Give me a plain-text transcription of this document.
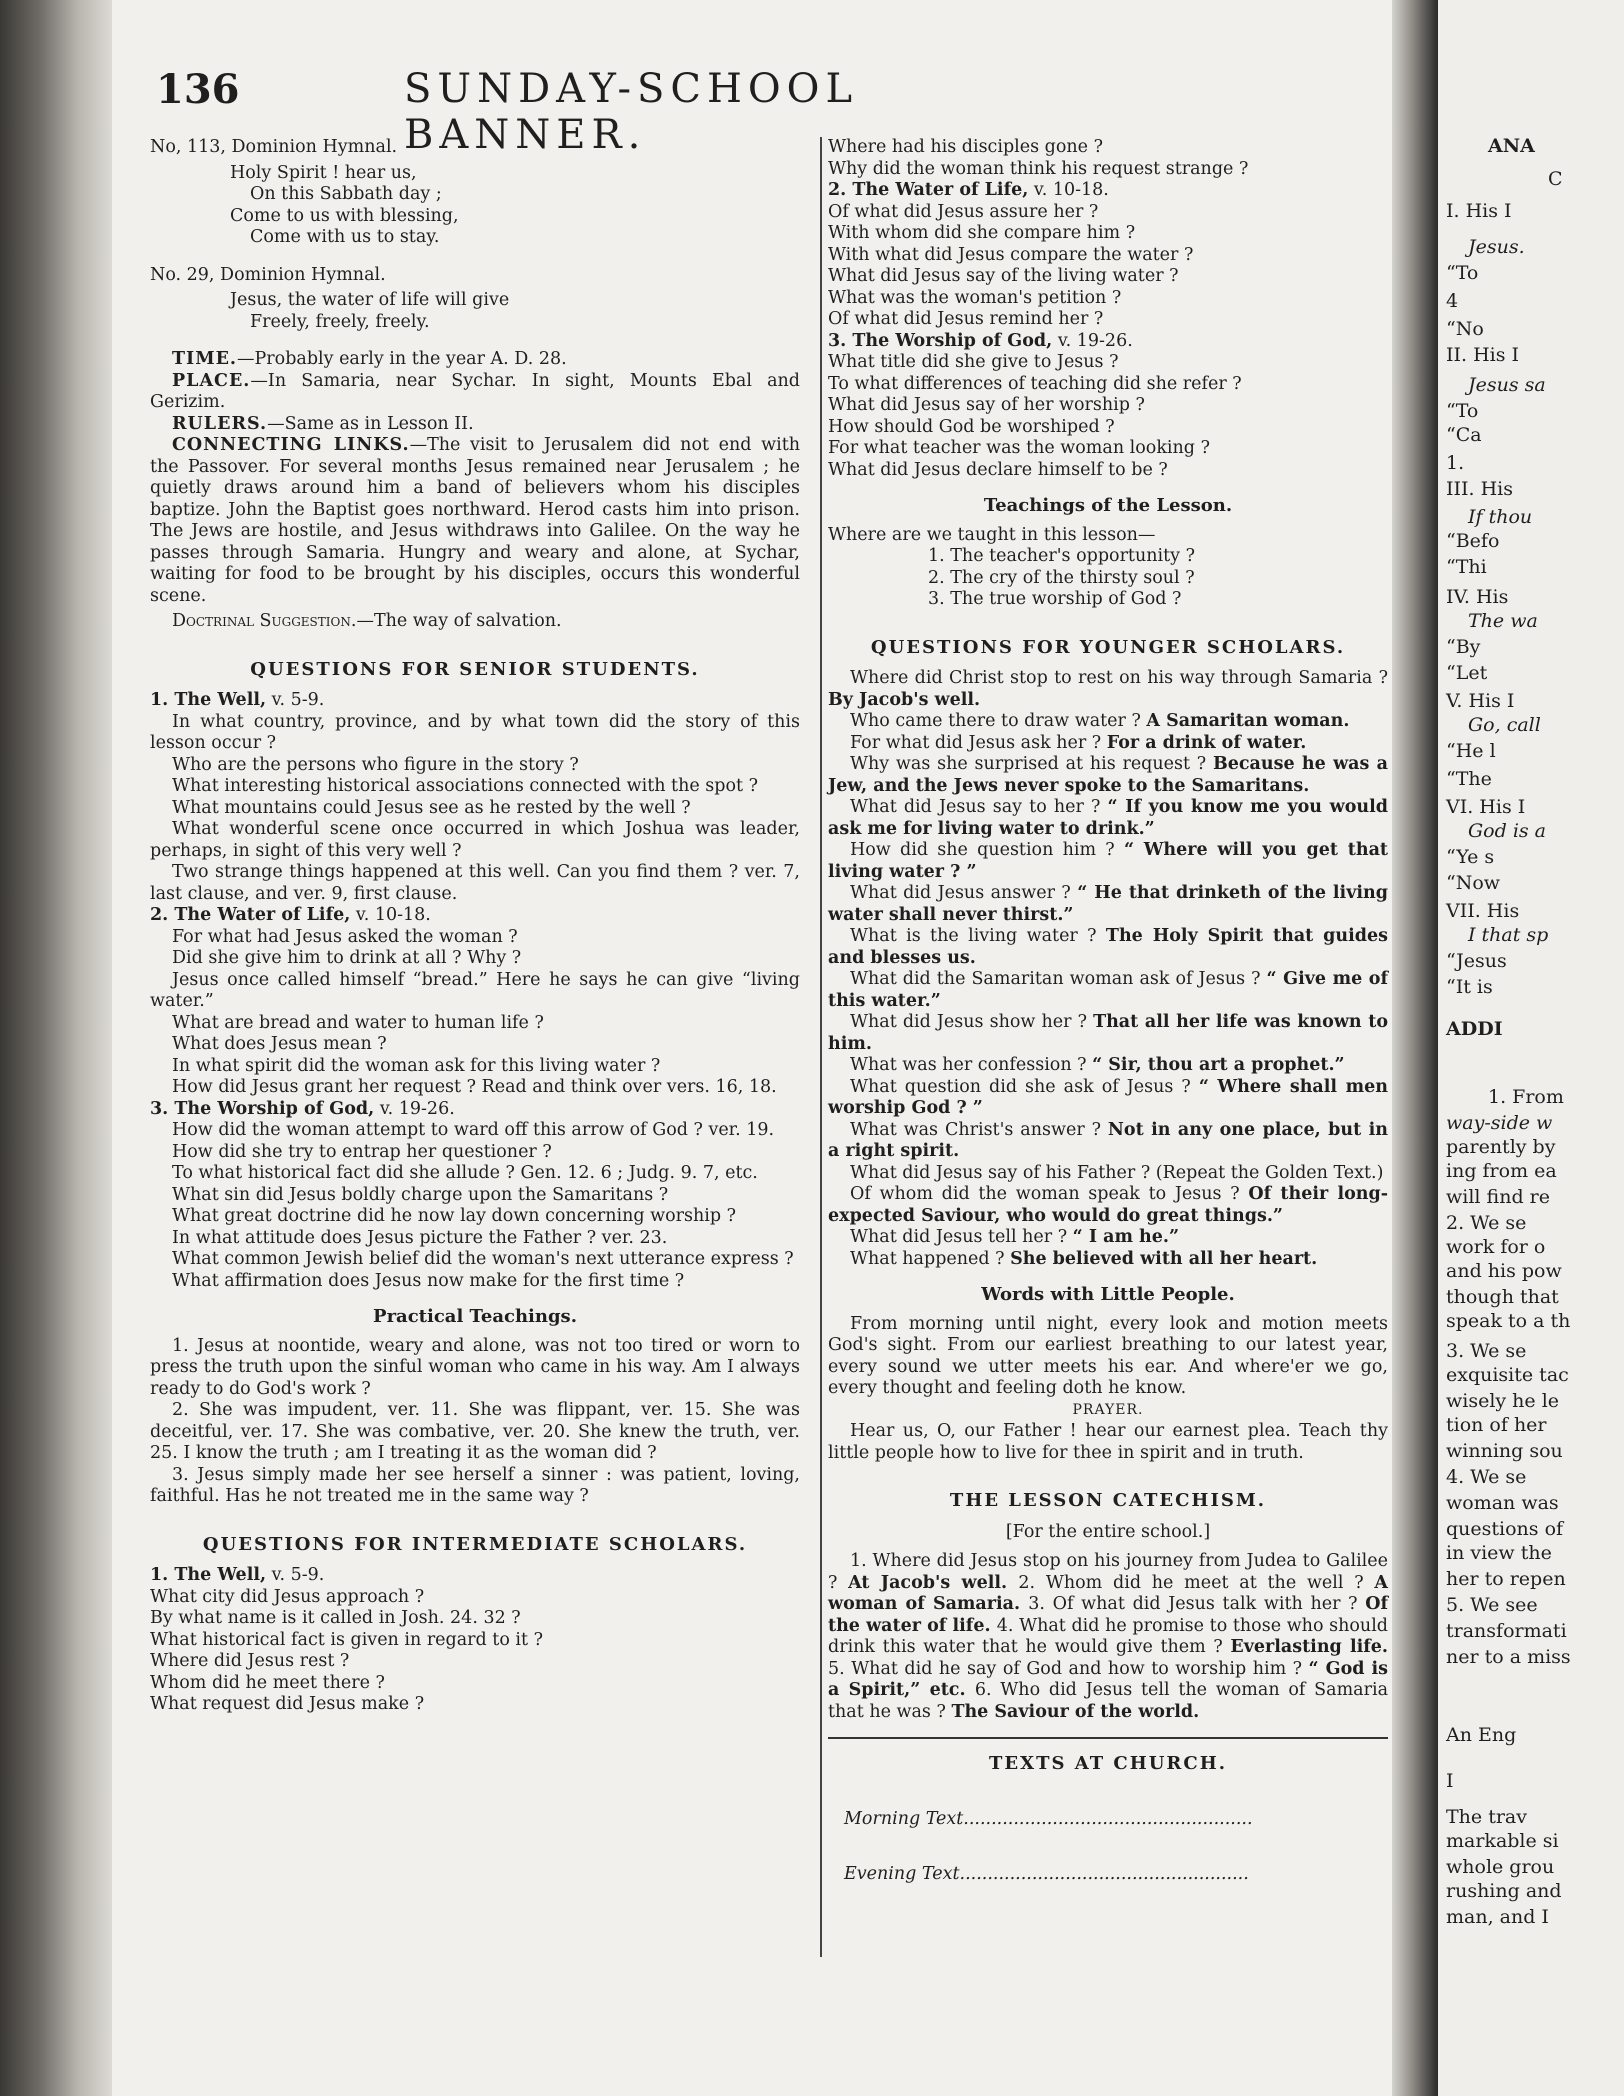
136	SUNDAY-SCHOOL BANNER.

No, 113, Dominion Hymnal.

Holy Spirit ! hear us,
On this Sabbath day ;
Come to us with blessing,
Come with us to stay.

No. 29, Dominion Hymnal.

Jesus, the water of life will give
Freely, freely, freely.

TIME.—Probably early in the year A. D. 28.

PLACE.—In Samaria, near Sychar. In sight, Mounts Ebal and Gerizim.

RULERS.—Same as in Lesson II.

CONNECTING LINKS.—The visit to Jerusalem did not end with the Passover. For several months Jesus remained near Jerusalem ; he quietly draws around him a band of believers whom his disciples baptize. John the Baptist goes northward. Herod casts him into prison. The Jews are hostile, and Jesus withdraws into Galilee. On the way he passes through Samaria. Hungry and weary and alone, at Sychar, waiting for food to be brought by his disciples, occurs this wonderful scene.

Doctrinal Suggestion.—The way of salvation.

QUESTIONS FOR SENIOR STUDENTS.

1. The Well, v. 5-9.

In what country, province, and by what town did the story of this lesson occur ?

Who are the persons who figure in the story ?

What interesting historical associations connected with the spot ?

What mountains could Jesus see as he rested by the well ?

What wonderful scene once occurred in which Joshua was leader, perhaps, in sight of this very well ?

Two strange things happened at this well. Can you find them ? ver. 7, last clause, and ver. 9, first clause.

2. The Water of Life, v. 10-18.

For what had Jesus asked the woman ?

Did she give him to drink at all ? Why ?

Jesus once called himself “bread.” Here he says he can give “living water.”

What are bread and water to human life ?

What does Jesus mean ?

In what spirit did the woman ask for this living water ?

How did Jesus grant her request ? Read and think over vers. 16, 18.

3. The Worship of God, v. 19-26.

How did the woman attempt to ward off this arrow of God ? ver. 19.

How did she try to entrap her questioner ?

To what historical fact did she allude ? Gen. 12. 6 ; Judg. 9. 7, etc.

What sin did Jesus boldly charge upon the Samaritans ?

What great doctrine did he now lay down concerning worship ?

In what attitude does Jesus picture the Father ? ver. 23.

What common Jewish belief did the woman's next utterance express ?

What affirmation does Jesus now make for the first time ?

Practical Teachings.

1. Jesus at noontide, weary and alone, was not too tired or worn to press the truth upon the sinful woman who came in his way. Am I always ready to do God's work ?

2. She was impudent, ver. 11. She was flippant, ver. 15. She was deceitful, ver. 17. She was combative, ver. 20. She knew the truth, ver. 25. I know the truth ; am I treating it as the woman did ?

3. Jesus simply made her see herself a sinner : was patient, loving, faithful. Has he not treated me in the same way ?

QUESTIONS FOR INTERMEDIATE SCHOLARS.

1. The Well, v. 5-9.

What city did Jesus approach ?
By what name is it called in Josh. 24. 32 ?
What historical fact is given in regard to it ?
Where did Jesus rest ?
Whom did he meet there ?
What request did Jesus make ?
Where had his disciples gone ?
Why did the woman think his request strange ?

2. The Water of Life, v. 10-18.

Of what did Jesus assure her ?
With whom did she compare him ?
With what did Jesus compare the water ?
What did Jesus say of the living water ?
What was the woman's petition ?
Of what did Jesus remind her ?

3. The Worship of God, v. 19-26.

What title did she give to Jesus ?
To what differences of teaching did she refer ?
What did Jesus say of her worship ?
How should God be worshiped ?
For what teacher was the woman looking ?
What did Jesus declare himself to be ?
Teachings of the Lesson.

Where are we taught in this lesson—

1. The teacher's opportunity ?
2. The cry of the thirsty soul ?
3. The true worship of God ?
QUESTIONS FOR YOUNGER SCHOLARS.

Where did Christ stop to rest on his way through Samaria ? By Jacob's well.

Who came there to draw water ? A Samaritan woman.

For what did Jesus ask her ? For a drink of water.

Why was she surprised at his request ? Because he was a Jew, and the Jews never spoke to the Samaritans.

What did Jesus say to her ? “ If you know me you would ask me for living water to drink.”

How did she question him ? “ Where will you get that living water ? ”

What did Jesus answer ? “ He that drinketh of the living water shall never thirst.”

What is the living water ? The Holy Spirit that guides and blesses us.

What did the Samaritan woman ask of Jesus ? “ Give me of this water.”

What did Jesus show her ? That all her life was known to him.

What was her confession ? “ Sir, thou art a prophet.”

What question did she ask of Jesus ? “ Where shall men worship God ? ”

What was Christ's answer ? Not in any one place, but in a right spirit.

What did Jesus say of his Father ? (Repeat the Golden Text.)

Of whom did the woman speak to Jesus ? Of their long-expected Saviour, who would do great things.”

What did Jesus tell her ? “ I am he.”

What happened ? She believed with all her heart.

Words with Little People.

From morning until night, every look and motion meets God's sight. From our earliest breathing to our latest year, every sound we utter meets his ear. And where'er we go, every thought and feeling doth he know.

PRAYER.

Hear us, O, our Father ! hear our earnest plea. Teach thy little people how to live for thee in spirit and in truth.

THE LESSON CATECHISM.
[For the entire school.]

1. Where did Jesus stop on his journey from Judea to Galilee ? At Jacob's well. 2. Whom did he meet at the well ? A woman of Samaria. 3. Of what did Jesus talk with her ? Of the water of life. 4. What did he promise to those who should drink this water that he would give them ? Everlasting life. 5. What did he say of God and how to worship him ? “ God is a Spirit,” etc. 6. Who did Jesus tell the woman of Samaria that he was ? The Saviour of the world.

TEXTS AT CHURCH.
Morning Text....................................................
Evening Text....................................................
ANA
C
I. His I
Jesus.
“To
4
“No
II. His I
Jesus sa
“To
“Ca
1.
III. His
If thou
“Befo
“Thi
IV. His
The wa
“By
“Let
V. His I
Go, call
“He l
“The
VI. His I
God is a
“Ye s
“Now
VII. His
I that sp
“Jesus
“It is
ADDI
1. From
way-side w
parently by
ing from ea
will find re
2. We se
work for o
and his pow
though that
speak to a th
3. We se
exquisite tac
wisely he le
tion of her
winning sou
4. We se
woman was
questions of
in view the
her to repen
5. We see
transformati
ner to a miss
An Eng
I
The trav
markable si
whole grou
rushing and
man, and I
